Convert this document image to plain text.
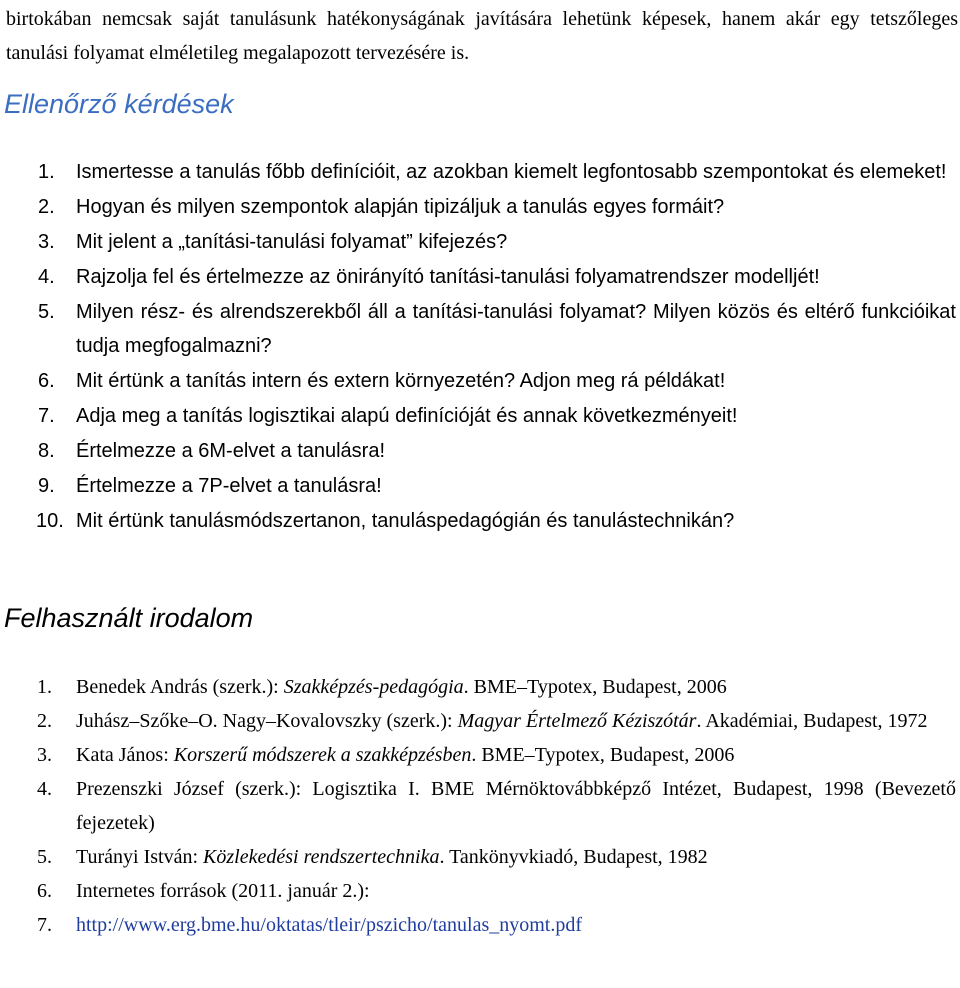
birtokában nemcsak saját tanulásunk hatékonyságának javítására lehetünk képesek, hanem akár egy tetszőleges tanulási folyamat elméletileg megalapozott tervezésére is.

Ellenőrző kérdések
1. Ismertesse a tanulás főbb definícióit, az azokban kiemelt legfontosabb szempontokat és elemeket!
2. Hogyan és milyen szempontok alapján tipizáljuk a tanulás egyes formáit?
3. Mit jelent a „tanítási-tanulási folyamat” kifejezés?
4. Rajzolja fel és értelmezze az önirányító tanítási-tanulási folyamatrendszer modelljét!
5. Milyen rész- és alrendszerekből áll a tanítási-tanulási folyamat? Milyen közös és eltérő funkcióikat tudja megfogalmazni?
6. Mit értünk a tanítás intern és extern környezetén? Adjon meg rá példákat!
7. Adja meg a tanítás logisztikai alapú definícióját és annak következményeit!
8. Értelmezze a 6M-elvet a tanulásra!
9. Értelmezze a 7P-elvet a tanulásra!
10. Mit értünk tanulásmódszertanon, tanuláspedagógián és tanulástechnikán?
Felhasznált irodalom
1. Benedek András (szerk.): Szakképzés-pedagógia. BME–Typotex, Budapest, 2006
2. Juhász–Szőke–O. Nagy–Kovalovszky (szerk.): Magyar Értelmező Kéziszótár. Akadémiai, Budapest, 1972
3. Kata János: Korszerű módszerek a szakképzésben. BME–Typotex, Budapest, 2006
4. Prezenszki József (szerk.): Logisztika I. BME Mérnöktovábbképző Intézet, Budapest, 1998 (Bevezető fejezetek)
5. Turányi István: Közlekedési rendszertechnika. Tankönyvkiadó, Budapest, 1982
6. Internetes források (2011. január 2.):
7. http://www.erg.bme.hu/oktatas/tleir/pszicho/tanulas_nyomt.pdf
